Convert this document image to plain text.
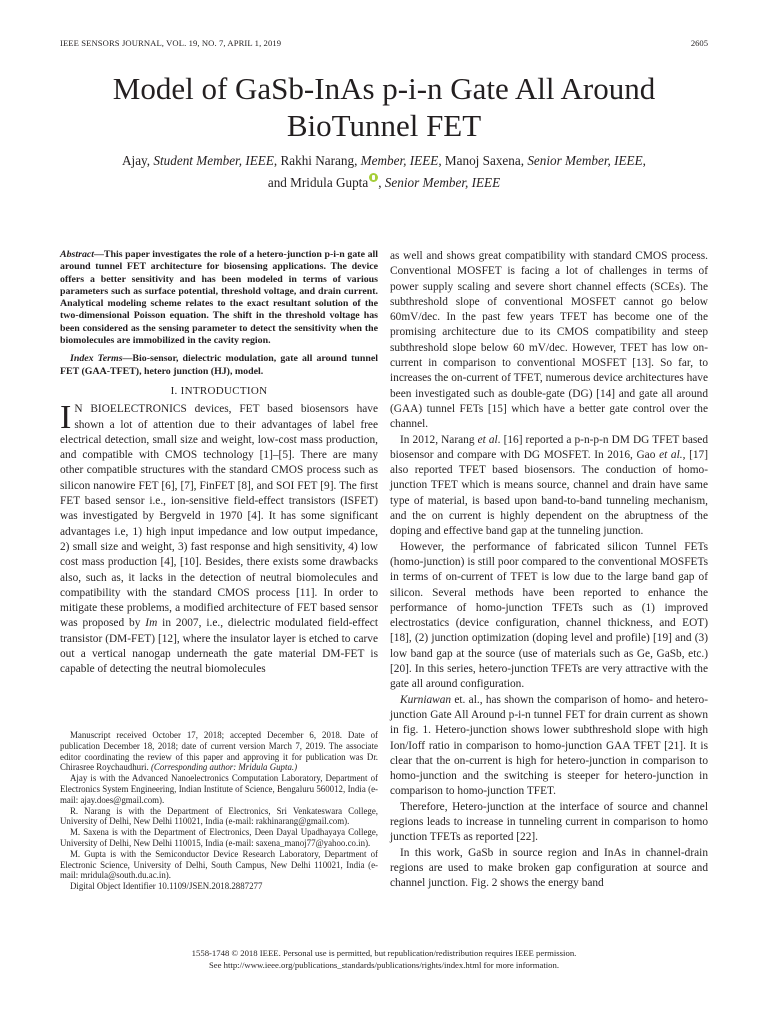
IEEE SENSORS JOURNAL, VOL. 19, NO. 7, APRIL 1, 2019	2605
Model of GaSb-InAs p-i-n Gate All Around
BioTunnel FET
Ajay, Student Member, IEEE, Rakhi Narang, Member, IEEE, Manoj Saxena, Senior Member, IEEE,
and Mridula Gupta , Senior Member, IEEE

Abstract—This paper investigates the role of a hetero-junction p-i-n gate all around tunnel FET architecture for biosensing applications. The device offers a better sensitivity and has been modeled in terms of various parameters such as surface potential, threshold voltage, and drain current. Analytical modeling scheme relates to the exact resultant solution of the two-dimensional Poisson equation. The shift in the threshold voltage has been considered as the sensing parameter to detect the sensitivity when the biomolecules are immobilized in the cavity region.

Index Terms—Bio-sensor, dielectric modulation, gate all around tunnel FET (GAA-TFET), hetero junction (HJ), model.

I. INTRODUCTION

I N BIOELECTRONICS devices, FET based biosensors have shown a lot of attention due to their advantages of label free electrical detection, small size and weight, low-cost mass production, and compatible with CMOS technology [1]–[5]. There are many other compatible structures with the standard CMOS process such as silicon nanowire FET [6], [7], FinFET [8], and SOI FET [9]. The first FET based sensor i.e., ion-sensitive field-effect transistors (ISFET) was investigated by Bergveld in 1970 [4]. It has some significant advantages i.e, 1) high input impedance and low output impedance, 2) small size and weight, 3) fast response and high sensitivity, 4) low cost mass production [4], [10]. Besides, there exists some drawbacks also, such as, it lacks in the detection of neutral biomolecules and compatibility with the standard CMOS process [11]. In order to mitigate these problems, a modified architecture of FET based sensor was proposed by Im in 2007, i.e., dielectric modulated field-effect transistor (DM-FET) [12], where the insulator layer is etched to carve out a vertical nanogap underneath the gate material DM-FET is capable of detecting the neutral biomolecules

Manuscript received October 17, 2018; accepted December 6, 2018. Date of publication December 18, 2018; date of current version March 7, 2019. The associate editor coordinating the review of this paper and approving it for publication was Dr. Chirasree Roychaudhuri. (Corresponding author: Mridula Gupta.)

Ajay is with the Advanced Nanoelectronics Computation Laboratory, Department of Electronics System Engineering, Indian Institute of Science, Bengaluru 560012, India (e-mail: ajay.does@gmail.com).

R. Narang is with the Department of Electronics, Sri Venkateswara College, University of Delhi, New Delhi 110021, India (e-mail: rakhinarang@gmail.com).

M. Saxena is with the Department of Electronics, Deen Dayal Upadhayaya College, University of Delhi, New Delhi 110015, India (e-mail: saxena_manoj77@yahoo.co.in).

M. Gupta is with the Semiconductor Device Research Laboratory, Department of Electronic Science, University of Delhi, South Campus, New Delhi 110021, India (e-mail: mridula@south.du.ac.in).

Digital Object Identifier 10.1109/JSEN.2018.2887277

as well and shows great compatibility with standard CMOS process. Conventional MOSFET is facing a lot of challenges in terms of power supply scaling and severe short channel effects (SCEs). The subthreshold slope of conventional MOSFET cannot go below 60mV/dec. In the past few years TFET has become one of the promising architecture due to its CMOS compatibility and steep subthreshold slope below 60 mV/dec. However, TFET has low on-current in comparison to conventional MOSFET [13]. So far, to increases the on-current of TFET, numerous device architectures have been investigated such as double-gate (DG) [14] and gate all around (GAA) tunnel FETs [15] which have a better gate control over the channel.

In 2012, Narang et al. [16] reported a p-n-p-n DM DG TFET based biosensor and compare with DG MOSFET. In 2016, Gao et al., [17] also reported TFET based biosensors. The conduction of homo-junction TFET which is means source, channel and drain have same type of material, is based upon band-to-band tunneling mechanism, and the on current is highly dependent on the abruptness of the doping and effective band gap at the tunneling junction.

However, the performance of fabricated silicon Tunnel FETs (homo-junction) is still poor compared to the conventional MOSFETs in terms of on-current of TFET is low due to the large band gap of silicon. Several methods have been reported to enhance the performance of homo-junction TFETs such as (1) improved electrostatics (device configuration, channel thickness, and EOT) [18], (2) junction optimization (doping level and profile) [19] and (3) low band gap at the source (use of materials such as Ge, GaSb, etc.) [20]. In this series, hetero-junction TFETs are very attractive with the gate all around configuration.

Kurniawan et. al., has shown the comparison of homo- and hetero-junction Gate All Around p-i-n tunnel FET for drain current as shown in fig. 1. Hetero-junction shows lower subthreshold slope with high Ion/Ioff ratio in comparison to homo-junction GAA TFET [21]. It is clear that the on-current is high for hetero-junction in comparison to homo-junction and the switching is steeper for hetero-junction in comparison to homo-junction TFET.

Therefore, Hetero-junction at the interface of source and channel regions leads to increase in tunneling current in comparison to homo junction TFETs as reported [22].

In this work, GaSb in source region and InAs in channel-drain regions are used to make broken gap configuration at source and channel junction. Fig. 2 shows the energy band

1558-1748 © 2018 IEEE. Personal use is permitted, but republication/redistribution requires IEEE permission.
See http://www.ieee.org/publications_standards/publications/rights/index.html for more information.
